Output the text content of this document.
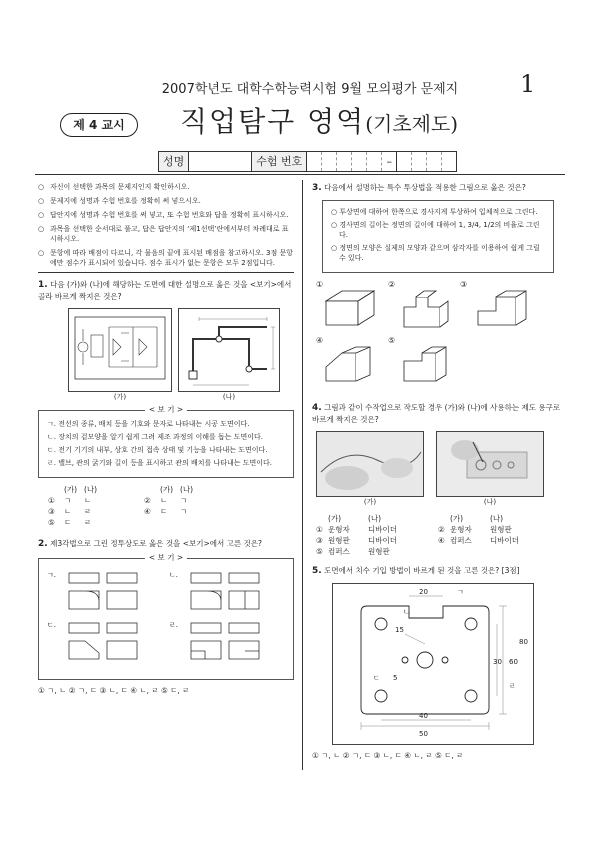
2007학년도 대학수학능력시험 9월 모의평가 문제지	1
제 4 교시	직업탐구 영역(기초제도)
성명	수험 번호	–
○ 자신이 선택한 과목의 문제지인지 확인하시오.
○ 문제지에 성명과 수험 번호를 정확히 써 넣으시오.
○ 답안지에 성명과 수험 번호를 써 넣고, 또 수험 번호와 답을 정확히 표시하시오.
○ 과목을 선택한 순서대로 풀고, 답은 답안지의 ‘제1선택’란에서부터 차례대로 표시하시오.
○ 문항에 따라 배점이 다르니, 각 물음의 끝에 표시된 배점을 참고하시오. 3점 문항에만 점수가 표시되어 있습니다. 점수 표시가 없는 문항은 모두 2점입니다.
1. 다음 (가)와 (나)에 해당하는 도면에 대한 설명으로 옳은 것을 <보기>에서 골라 바르게 짝지은 것은?
(가)	(나)
< 보 기 >

ㄱ. 전선의 종류, 배치 등을 기호와 문자로 나타내는 시공 도면이다.

ㄴ. 장치의 겉모양을 알기 쉽게 그려 제조 과정의 이해를 돕는 도면이다.

ㄷ. 전기 기기의 내부, 상호 간의 접속 상태 및 기능을 나타내는 도면이다.

ㄹ. 밸브, 관의 굵기와 길이 등을 표시하고 관의 배치를 나타내는 도면이다.

(가) (나)	(가) (나)
①	ㄱ	ㄴ	②	ㄴ	ㄱ
③	ㄴ	ㄹ	④	ㄷ	ㄱ
⑤	ㄷ	ㄹ
2. 제3각법으로 그린 정투상도로 옳은 것을 <보기>에서 고른 것은?
< 보 기 >
ㄱ.	ㄴ.
ㄷ.	ㄹ.
① ㄱ, ㄴ ② ㄱ, ㄷ ③ ㄴ, ㄷ ④ ㄴ, ㄹ ⑤ ㄷ, ㄹ
3. 다음에서 설명하는 특수 투상법을 적용한 그림으로 옳은 것은?

○ 투상면에 대하여 한쪽으로 경사지게 투상하여 입체적으로 그린다.

○ 경사면의 길이는 정면의 길이에 대하여 1, 3/4, 1/2의 비율로 그린다.

○ 정면의 모양은 실제의 모양과 같으며 삼각자를 이용하여 쉽게 그릴 수 있다.

①	②	③
④	⑤
4. 그림과 같이 수작업으로 작도할 경우 (가)와 (나)에 사용하는 제도 용구로 바르게 짝지은 것은?
(가)	(나)
(가)	(나)	(가)	(나)
① 운형자	디바이더	② 운형자	원형판
③ 원형판	디바이더	④ 컴퍼스	디바이더
⑤ 컴퍼스	원형판
5. 도면에서 치수 기입 방법이 바르게 된 것을 고른 것은? [3점]
50
40
60
30
20
15
5
80
ㄱ
ㄴ
ㄷ
ㄹ
① ㄱ, ㄴ ② ㄱ, ㄷ ③ ㄴ, ㄷ ④ ㄴ, ㄹ ⑤ ㄷ, ㄹ
